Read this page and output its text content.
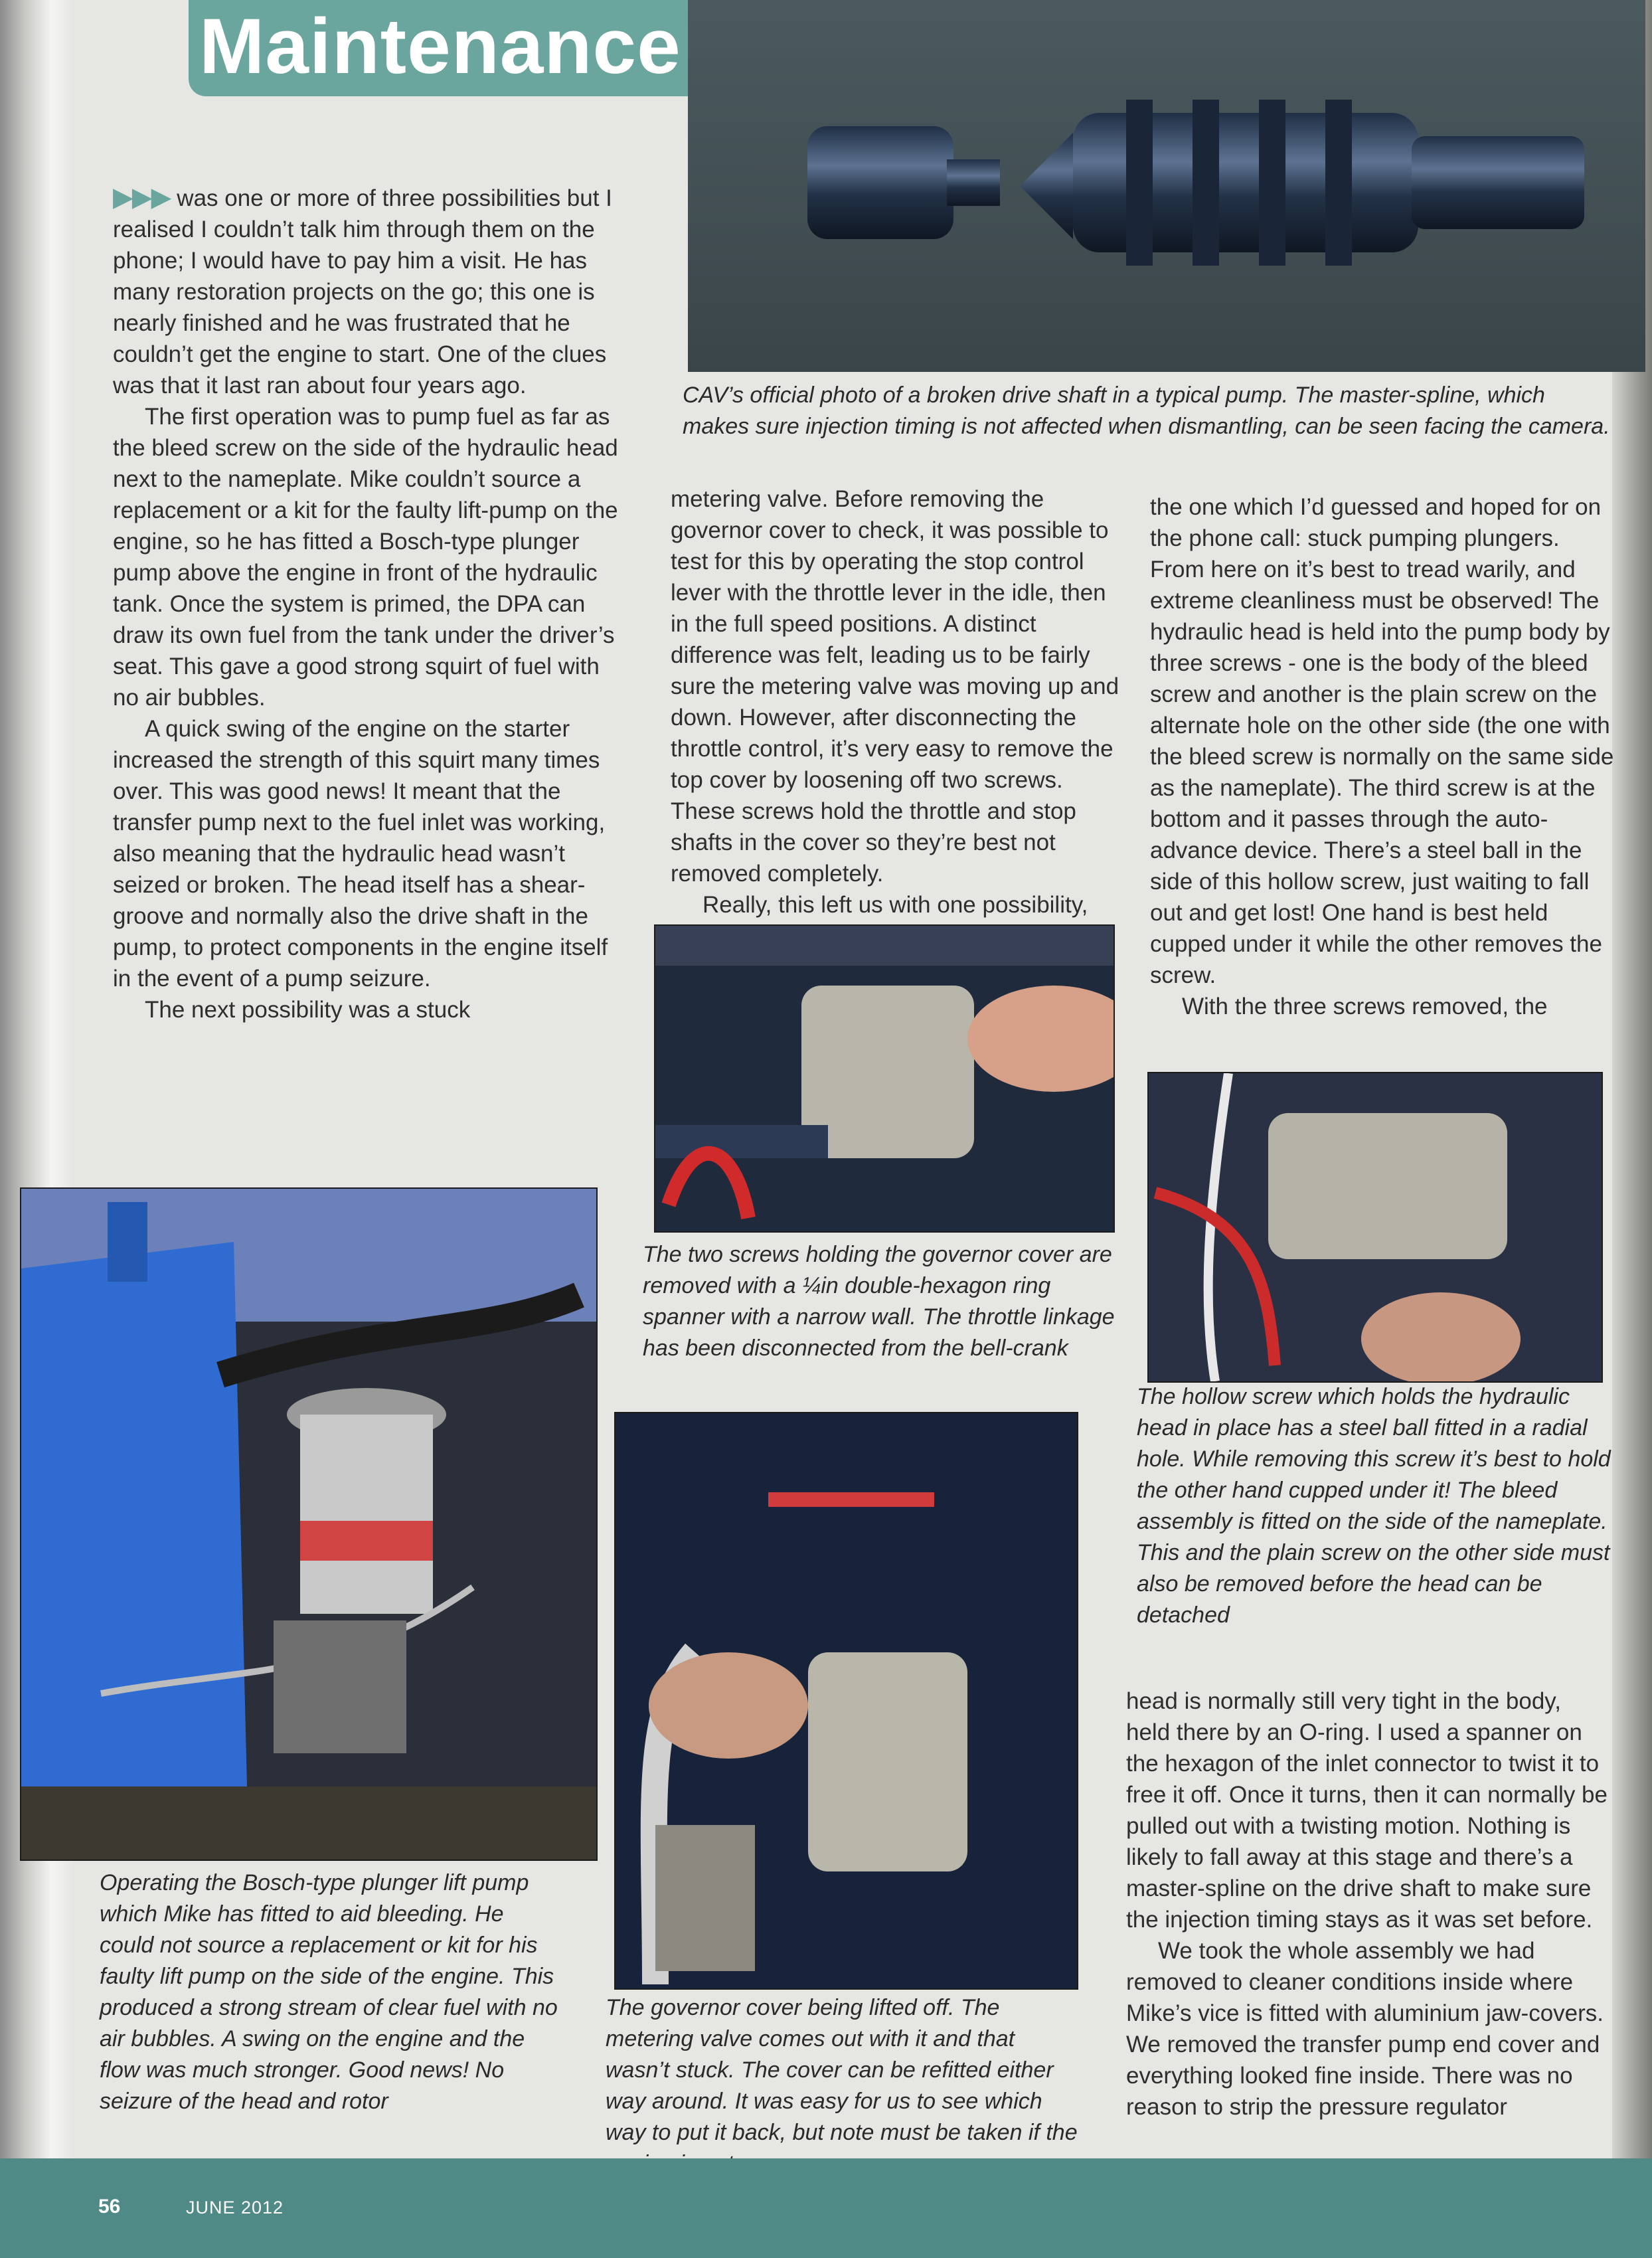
Maintenance
CAV’s official photo of a broken drive shaft in a typical pump. The master-spline, which makes sure injection timing is not affected when dismantling, can be seen facing the camera.

▶▶▶ was one or more of three possibilities but I realised I couldn’t talk him through them on the phone; I would have to pay him a visit. He has many restoration projects on the go; this one is nearly finished and he was frustrated that he couldn’t get the engine to start. One of the clues was that it last ran about four years ago.

The first operation was to pump fuel as far as the bleed screw on the side of the hydraulic head next to the nameplate. Mike couldn’t source a replacement or a kit for the faulty lift-pump on the engine, so he has fitted a Bosch-type plunger pump above the engine in front of the hydraulic tank. Once the system is primed, the DPA can draw its own fuel from the tank under the driver’s seat. This gave a good strong squirt of fuel with no air bubbles.

A quick swing of the engine on the starter increased the strength of this squirt many times over. This was good news! It meant that the transfer pump next to the fuel inlet was working, also meaning that the hydraulic head wasn’t seized or broken. The head itself has a shear-groove and normally also the drive shaft in the pump, to protect components in the engine itself in the event of a pump seizure.

The next possibility was a stuck

Operating the Bosch-type plunger lift pump which Mike has fitted to aid bleeding. He could not source a replacement or kit for his faulty lift pump on the side of the engine. This produced a strong stream of clear fuel with no air bubbles. A swing on the engine and the flow was much stronger. Good news! No seizure of the head and rotor

metering valve. Before removing the governor cover to check, it was possible to test for this by operating the stop control lever with the throttle lever in the idle, then in the full speed positions. A distinct difference was felt, leading us to be fairly sure the metering valve was moving up and down. However, after disconnecting the throttle control, it’s very easy to remove the top cover by loosening off two screws. These screws hold the throttle and stop shafts in the cover so they’re best not removed completely.

Really, this left us with one possibility,

The two screws holding the governor cover are removed with a ¼in double-hexagon ring spanner with a narrow wall. The throttle linkage has been disconnected from the bell-crank
The governor cover being lifted off. The metering valve comes out with it and that wasn’t stuck. The cover can be refitted either way around. It was easy for us to see which way to put it back, but note must be taken if the

the one which I’d guessed and hoped for on the phone call: stuck pumping plungers. From here on it’s best to tread warily, and extreme cleanliness must be observed! The hydraulic head is held into the pump body by three screws - one is the body of the bleed screw and another is the plain screw on the alternate hole on the other side (the one with the bleed screw is normally on the same side as the nameplate). The third screw is at the bottom and it passes through the auto-advance device. There’s a steel ball in the side of this hollow screw, just waiting to fall out and get lost! One hand is best held cupped under it while the other removes the screw.

With the three screws removed, the

The hollow screw which holds the hydraulic head in place has a steel ball fitted in a radial hole. While removing this screw it’s best to hold the other hand cupped under it! The bleed assembly is fitted on the side of the nameplate. This and the plain screw on the other side must also be removed before the head can be detached

head is normally still very tight in the body, held there by an O-ring. I used a spanner on the hexagon of the inlet connector to twist it to free it off. Once it turns, then it can normally be pulled out with a twisting motion. Nothing is likely to fall away at this stage and there’s a master-spline on the drive shaft to make sure the injection timing stays as it was set before.

We took the whole assembly we had removed to cleaner conditions inside where Mike’s vice is fitted with aluminium jaw-covers. We removed the transfer pump end cover and everything looked fine inside. There was no reason to strip the pressure regulator

56	JUNE 2012
